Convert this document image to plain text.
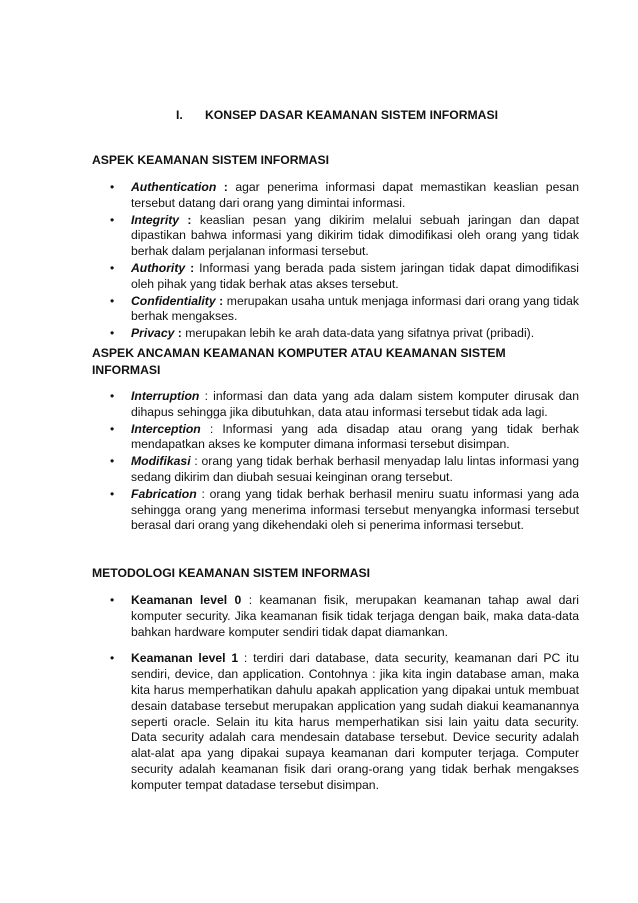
I. KONSEP DASAR KEAMANAN SISTEM INFORMASI
ASPEK KEAMANAN SISTEM INFORMASI
• Authentication : agar penerima informasi dapat memastikan keaslian pesan tersebut datang dari orang yang dimintai informasi.
• Integrity : keaslian pesan yang dikirim melalui sebuah jaringan dan dapat dipastikan bahwa informasi yang dikirim tidak dimodifikasi oleh orang yang tidak berhak dalam perjalanan informasi tersebut.
• Authority : Informasi yang berada pada sistem jaringan tidak dapat dimodifikasi oleh pihak yang tidak berhak atas akses tersebut.
• Confidentiality : merupakan usaha untuk menjaga informasi dari orang yang tidak berhak mengakses.
• Privacy : merupakan lebih ke arah data-data yang sifatnya privat (pribadi).
ASPEK ANCAMAN KEAMANAN KOMPUTER ATAU KEAMANAN SISTEM INFORMASI
• Interruption : informasi dan data yang ada dalam sistem komputer dirusak dan dihapus sehingga jika dibutuhkan, data atau informasi tersebut tidak ada lagi.
• Interception : Informasi yang ada disadap atau orang yang tidak berhak mendapatkan akses ke komputer dimana informasi tersebut disimpan.
• Modifikasi : orang yang tidak berhak berhasil menyadap lalu lintas informasi yang sedang dikirim dan diubah sesuai keinginan orang tersebut.
• Fabrication : orang yang tidak berhak berhasil meniru suatu informasi yang ada sehingga orang yang menerima informasi tersebut menyangka informasi tersebut berasal dari orang yang dikehendaki oleh si penerima informasi tersebut.
METODOLOGI KEAMANAN SISTEM INFORMASI
• Keamanan level 0 : keamanan fisik, merupakan keamanan tahap awal dari komputer security. Jika keamanan fisik tidak terjaga dengan baik, maka data-data bahkan hardware komputer sendiri tidak dapat diamankan.
• Keamanan level 1 : terdiri dari database, data security, keamanan dari PC itu sendiri, device, dan application. Contohnya : jika kita ingin database aman, maka kita harus memperhatikan dahulu apakah application yang dipakai untuk membuat desain database tersebut merupakan application yang sudah diakui keamanannya seperti oracle. Selain itu kita harus memperhatikan sisi lain yaitu data security. Data security adalah cara mendesain database tersebut. Device security adalah alat-alat apa yang dipakai supaya keamanan dari komputer terjaga. Computer security adalah keamanan fisik dari orang-orang yang tidak berhak mengakses komputer tempat datadase tersebut disimpan.
